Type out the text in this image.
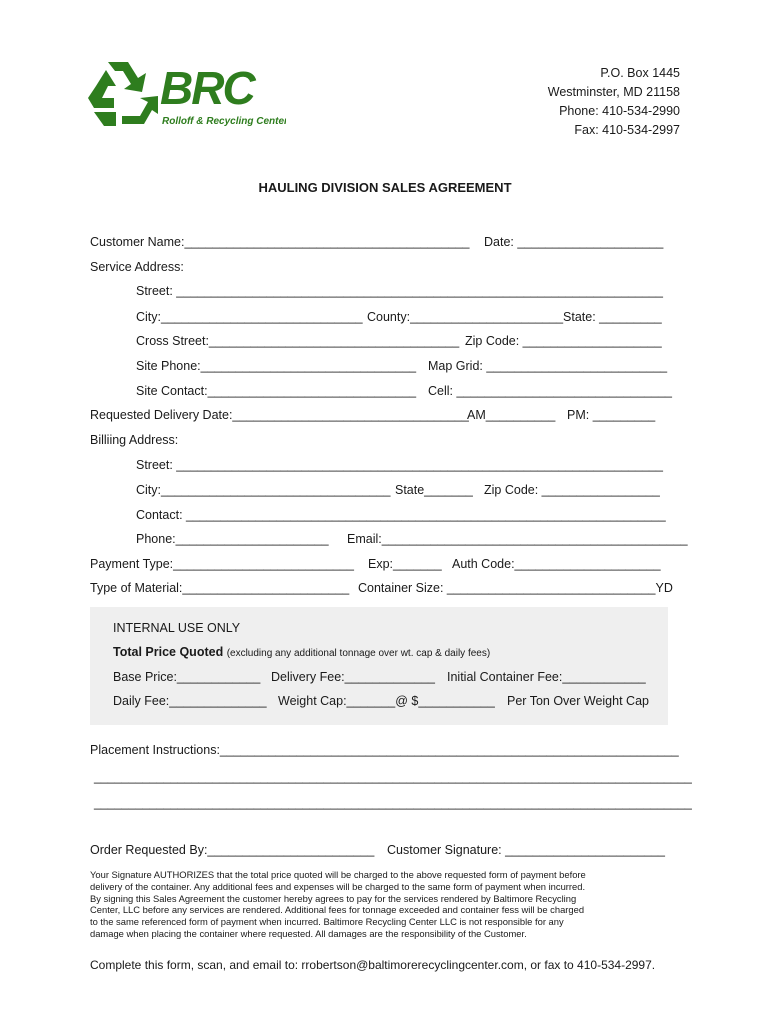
BRC
Rolloff & Recycling Center
P.O. Box 1445
Westminster, MD 21158
Phone: 410-534-2990
Fax: 410-534-2997
HAULING DIVISION SALES AGREEMENT
Customer Name:_________________________________________ Date: _____________________
Service Address:
Street: ______________________________________________________________________
City:_____________________________ County:______________________State: _________
Cross Street:____________________________________ Zip Code: ____________________
Site Phone:_______________________________ Map Grid: __________________________
Site Contact:______________________________ Cell: _______________________________
Requested Delivery Date:__________________________________
AM__________ PM: _________
Billiing Address:
Street: ______________________________________________________________________
City:_________________________________ State_______ Zip Code: _________________
Contact: _____________________________________________________________________
Phone:______________________ Email:____________________________________________
Payment Type:__________________________ Exp:_______ Auth Code:_____________________
Type of Material:________________________ Container Size: ______________________________YD
INTERNAL USE ONLY
Total Price Quoted (excluding any additional tonnage over wt. cap & daily fees)
Base Price:____________ Delivery Fee:_____________ Initial Container Fee:____________
Daily Fee:______________ Weight Cap:_______@ $___________ Per Ton Over Weight Cap
Placement Instructions:__________________________________________________________________
______________________________________________________________________________________
______________________________________________________________________________________
Order Requested By:________________________ Customer Signature: _______________________
Your Signature AUTHORIZES that the total price quoted will be charged to the above requested form of payment before
delivery of the container. Any additional fees and expenses will be charged to the same form of payment when incurred.
By signing this Sales Agreement the customer hereby agrees to pay for the services rendered by Baltimore Recycling
Center, LLC before any services are rendered. Additional fees for tonnage exceeded and container fess will be charged
to the same referenced form of payment when incurred. Baltimore Recycling Center LLC is not responsible for any
damage when placing the container where requested. All damages are the responsibility of the Customer.
Complete this form, scan, and email to: rrobertson@baltimorerecyclingcenter.com, or fax to 410-534-2997.
